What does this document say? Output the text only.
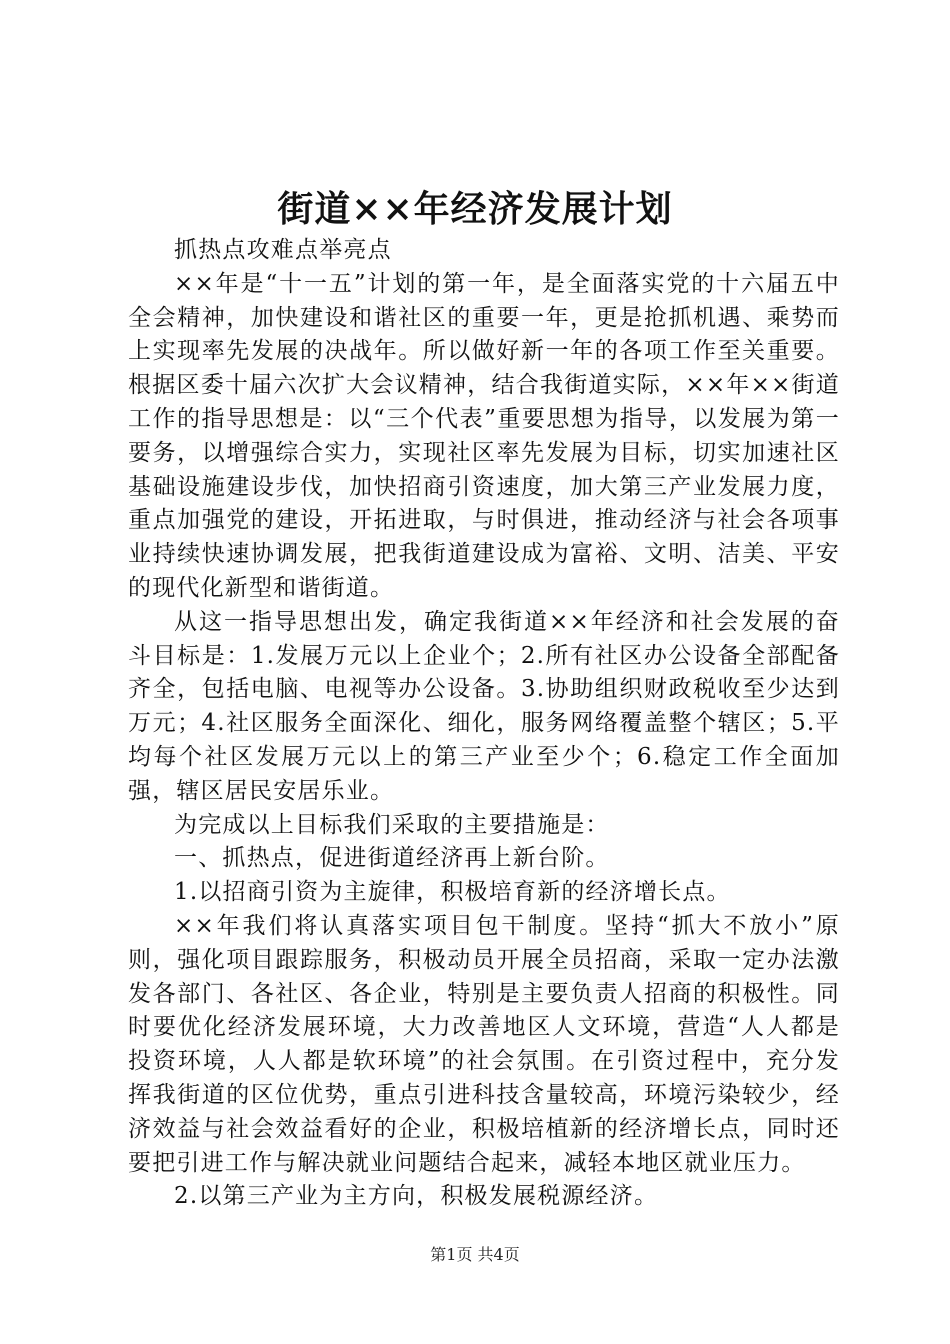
街道××年经济发展计划

抓热点攻难点举亮点

××年是“十一五”计划的第一年，是全面落实党的十六届五中全会精神，加快建设和谐社区的重要一年，更是抢抓机遇、乘势而上实现率先发展的决战年。所以做好新一年的各项工作至关重要。根据区委十届六次扩大会议精神，结合我街道实际，××年××街道工作的指导思想是：以“三个代表”重要思想为指导，以发展为第一要务，以增强综合实力，实现社区率先发展为目标，切实加速社区基础设施建设步伐，加快招商引资速度，加大第三产业发展力度，重点加强党的建设，开拓进取，与时俱进，推动经济与社会各项事业持续快速协调发展，把我街道建设成为富裕、文明、洁美、平安的现代化新型和谐街道。

从这一指导思想出发，确定我街道××年经济和社会发展的奋斗目标是：1.发展万元以上企业个；2.所有社区办公设备全部配备齐全，包括电脑、电视等办公设备。3.协助组织财政税收至少达到万元；4.社区服务全面深化、细化，服务网络覆盖整个辖区；5.平均每个社区发展万元以上的第三产业至少个；6.稳定工作全面加强，辖区居民安居乐业。

为完成以上目标我们采取的主要措施是：

一、抓热点，促进街道经济再上新台阶。

1.以招商引资为主旋律，积极培育新的经济增长点。

××年我们将认真落实项目包干制度。坚持“抓大不放小”原则，强化项目跟踪服务，积极动员开展全员招商，采取一定办法激发各部门、各社区、各企业，特别是主要负责人招商的积极性。同时要优化经济发展环境，大力改善地区人文环境，营造“人人都是投资环境，人人都是软环境”的社会氛围。在引资过程中，充分发挥我街道的区位优势，重点引进科技含量较高，环境污染较少，经济效益与社会效益看好的企业，积极培植新的经济增长点，同时还要把引进工作与解决就业问题结合起来，减轻本地区就业压力。

2.以第三产业为主方向，积极发展税源经济。

第1页 共4页
